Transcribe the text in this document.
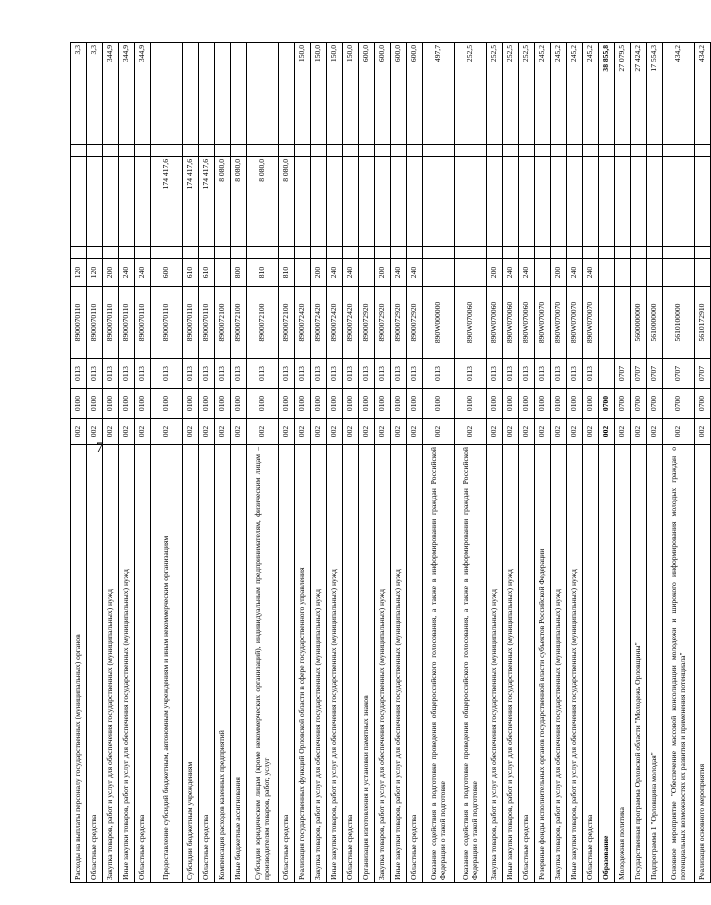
7
Расходы на выплаты персоналу государственных (муниципальных) органов	002	0100	0113	8900070110	120				3,3
Областные средства	002	0100	0113	8900070110	120				3,3
Закупка товаров, работ и услуг для обеспечения государственных (муниципальных) нужд	002	0100	0113	8900070110	200				344,9
Иные закупки товаров, работ и услуг для обеспечения государственных (муниципальных) нужд	002	0100	0113	8900070110	240				344,9
Областные средства	002	0100	0113	8900070110	240				344,9
Предоставление субсидий бюджетным, автономным учреждениям и иным некоммерческим организациям	002	0100	0113	8900070110	600		174 417,6		
Субсидии бюджетным учреждениям	002	0100	0113	8900070110	610		174 417,6		
Областные средства	002	0100	0113	8900070110	610		174 417,6		
Компенсация расходов казенных предприятий	002	0100	0113	8900072100			8 080,0		
Иные бюджетные ассигнования	002	0100	0113	8900072100	800		8 080,0		
Субсидии юридическим лицам (кроме некоммерческих организаций), индивидуальным предпринимателям, физическим лицам – производителям товаров, работ, услуг	002	0100	0113	8900072100	810		8 080,0		
Областные средства	002	0100	0113	8900072100	810		8 080,0		
Реализация государственных функций Орловской области в сфере государственного управления	002	0100	0113	8900072420					150,0
Закупка товаров, работ и услуг для обеспечения государственных (муниципальных) нужд	002	0100	0113	8900072420	200				150,0
Иные закупки товаров, работ и услуг для обеспечения государственных (муниципальных) нужд	002	0100	0113	8900072420	240				150,0
Областные средства	002	0100	0113	8900072420	240				150,0
Организация изготовления и установки памятных знаков	002	0100	0113	8900072920					600,0
Закупка товаров, работ и услуг для обеспечения государственных (муниципальных) нужд	002	0100	0113	8900072920	200				600,0
Иные закупки товаров, работ и услуг для обеспечения государственных (муниципальных) нужд	002	0100	0113	8900072920	240				600,0
Областные средства	002	0100	0113	8900072920	240				600,0
Оказание содействия в подготовке проведения общероссийского голосования, а также в информировании граждан Российской Федерации о такой подготовке	002	0100	0113	890W000000					497,7
Оказание содействия в подготовке проведения общероссийского голосования, а также в информировании граждан Российской Федерации о такой подготовке	002	0100	0113	890W070060					252,5
Закупка товаров, работ и услуг для обеспечения государственных (муниципальных) нужд	002	0100	0113	890W070060	200				252,5
Иные закупки товаров, работ и услуг для обеспечения государственных (муниципальных) нужд	002	0100	0113	890W070060	240				252,5
Областные средства	002	0100	0113	890W070060	240				252,5
Резервные фонды исполнительных органов государственной власти субъектов Российской Федерации	002	0100	0113	890W070070					245,2
Закупка товаров, работ и услуг для обеспечения государственных (муниципальных) нужд	002	0100	0113	890W070070	200				245,2
Иные закупки товаров, работ и услуг для обеспечения государственных (муниципальных) нужд	002	0100	0113	890W070070	240				245,2
Областные средства	002	0100	0113	890W070070	240				245,2
Образование	002	0700							38 855,8
Молодежная политика	002	0700	0707						27 079,5
Государственная программа Орловской области "Молодежь Орловщины"	002	0700	0707	5600000000					27 424,2
Подпрограмма 1 "Орловщина молодая"	002	0700	0707	5610000000					17 554,3
Основное мероприятие "Обеспечение массовой консолидации молодежи и широкого информирования молодых граждан о потенциальных возможностях их развития и применения потенциала"	002	0700	0707	5610100000					434,2
Реализация основного мероприятия	002	0700	0707	5610172910					434,2
